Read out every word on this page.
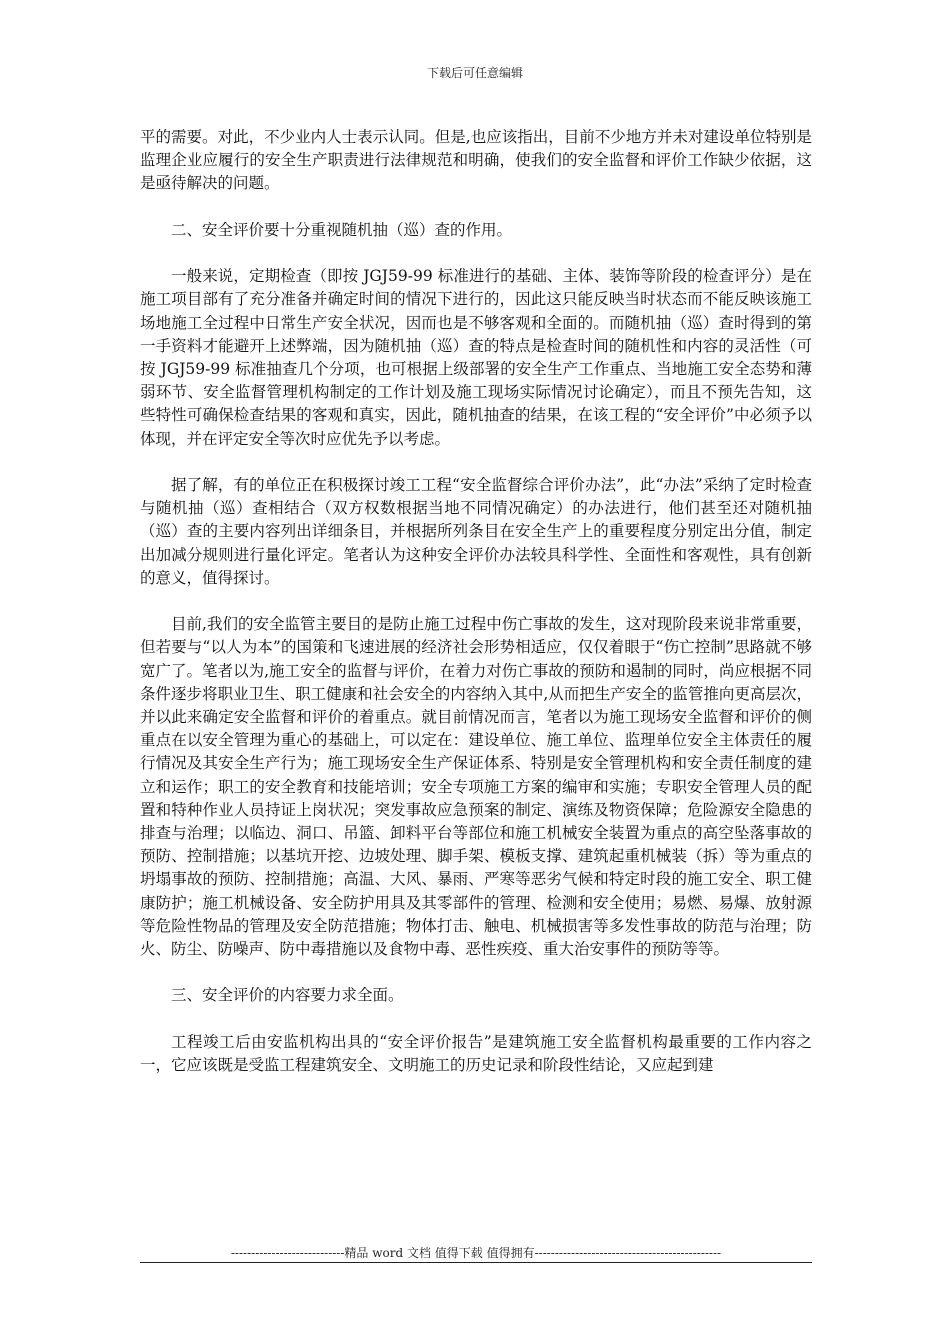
下载后可任意编辑

平的需要。对此，不少业内人士表示认同。但是,也应该指出，目前不少地方并未对建设单位特别是监理企业应履行的安全生产职责进行法律规范和明确，使我们的安全监督和评价工作缺少依据，这是亟待解决的问题。

二、安全评价要十分重视随机抽（巡）查的作用。

一般来说，定期检查（即按 JGJ59-99 标准进行的基础、主体、装饰等阶段的检查评分）是在施工项目部有了充分准备并确定时间的情况下进行的，因此这只能反映当时状态而不能反映该施工场地施工全过程中日常生产安全状况，因而也是不够客观和全面的。而随机抽（巡）查时得到的第一手资料才能避开上述弊端，因为随机抽（巡）查的特点是检查时间的随机性和内容的灵活性（可按 JGJ59-99 标准抽查几个分项，也可根据上级部署的安全生产工作重点、当地施工安全态势和薄弱环节、安全监督管理机构制定的工作计划及施工现场实际情况讨论确定），而且不预先告知，这些特性可确保检查结果的客观和真实，因此，随机抽查的结果，在该工程的“安全评价”中必须予以体现，并在评定安全等次时应优先予以考虑。

据了解，有的单位正在积极探讨竣工工程“安全监督综合评价办法”，此“办法”采纳了定时检查与随机抽（巡）查相结合（双方权数根据当地不同情况确定）的办法进行，他们甚至还对随机抽（巡）查的主要内容列出详细条目，并根据所列条目在安全生产上的重要程度分别定出分值，制定出加减分规则进行量化评定。笔者认为这种安全评价办法较具科学性、全面性和客观性，具有创新的意义，值得探讨。

目前,我们的安全监管主要目的是防止施工过程中伤亡事故的发生，这对现阶段来说非常重要，但若要与“以人为本”的国策和飞速进展的经济社会形势相适应，仅仅着眼于“伤亡控制”思路就不够宽广了。笔者以为,施工安全的监督与评价，在着力对伤亡事故的预防和遏制的同时，尚应根据不同条件逐步将职业卫生、职工健康和社会安全的内容纳入其中,从而把生产安全的监管推向更高层次，并以此来确定安全监督和评价的着重点。就目前情况而言，笔者以为施工现场安全监督和评价的侧重点在以安全管理为重心的基础上，可以定在：建设单位、施工单位、监理单位安全主体责任的履行情况及其安全生产行为；施工现场安全生产保证体系、特别是安全管理机构和安全责任制度的建立和运作；职工的安全教育和技能培训；安全专项施工方案的编审和实施；专职安全管理人员的配置和特种作业人员持证上岗状况；突发事故应急预案的制定、演练及物资保障；危险源安全隐患的排查与治理；以临边、洞口、吊篮、卸料平台等部位和施工机械安全装置为重点的高空坠落事故的预防、控制措施；以基坑开挖、边坡处理、脚手架、模板支撑、建筑起重机械装（拆）等为重点的坍塌事故的预防、控制措施；高温、大风、暴雨、严寒等恶劣气候和特定时段的施工安全、职工健康防护；施工机械设备、安全防护用具及其零部件的管理、检测和安全使用；易燃、易爆、放射源等危险性物品的管理及安全防范措施；物体打击、触电、机械损害等多发性事故的防范与治理；防火、防尘、防噪声、防中毒措施以及食物中毒、恶性疾疫、重大治安事件的预防等等。

三、安全评价的内容要力求全面。

工程竣工后由安监机构出具的“安全评价报告”是建筑施工安全监督机构最重要的工作内容之一，它应该既是受监工程建筑安全、文明施工的历史记录和阶段性结论，又应起到建

----------------------------精品 word 文档 值得下载 值得拥有----------------------------------------------
